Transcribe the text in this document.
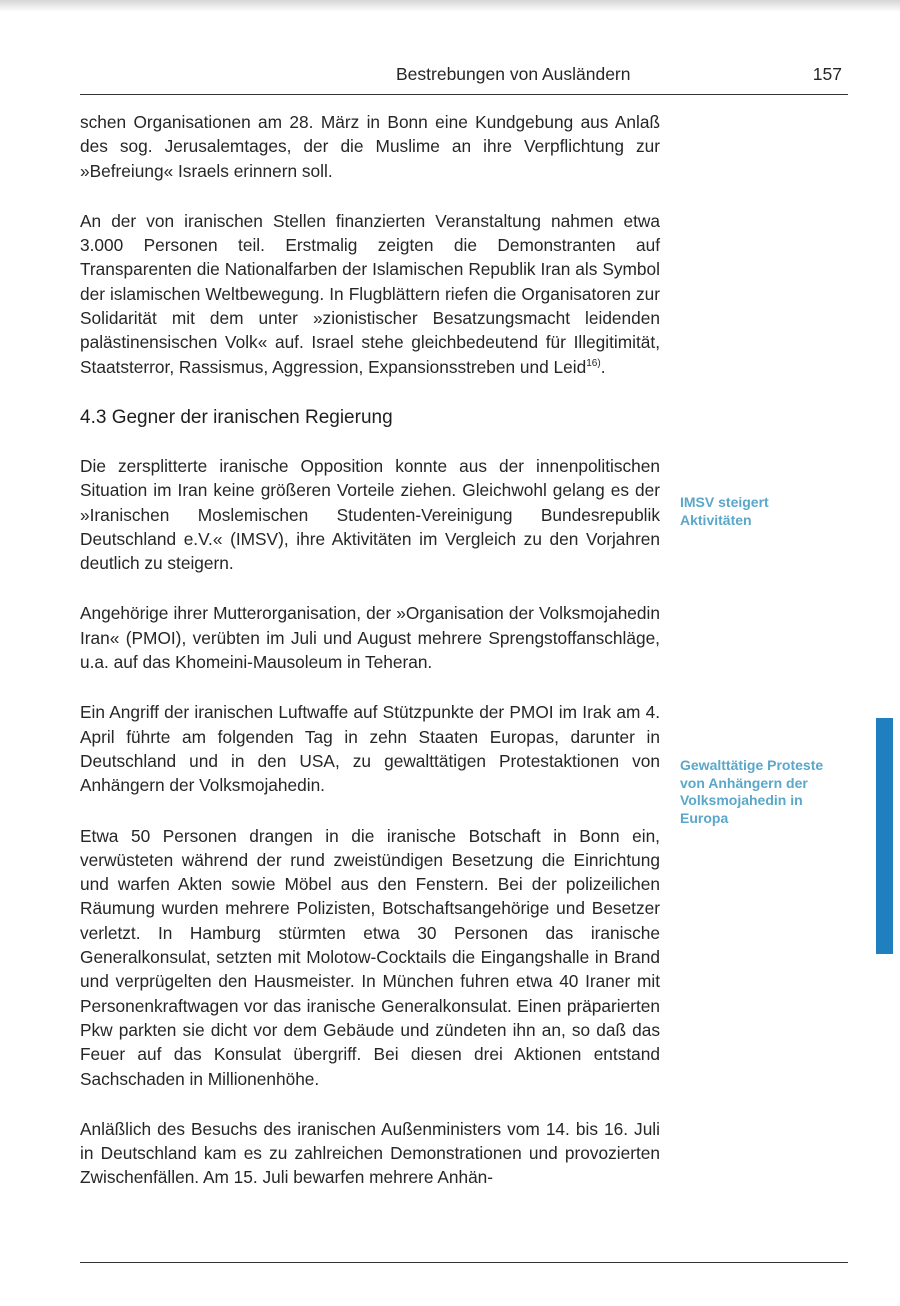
Bestrebungen von Ausländern	157

schen Organisationen am 28. März in Bonn eine Kundgebung aus Anlaß des sog. Jerusalemtages, der die Muslime an ihre Verpflichtung zur »Befreiung« Israels erinnern soll.

An der von iranischen Stellen finanzierten Veranstaltung nahmen etwa 3.000 Personen teil. Erstmalig zeigten die Demonstranten auf Transparenten die Nationalfarben der Islamischen Republik Iran als Symbol der islamischen Weltbewegung. In Flugblättern riefen die Organisatoren zur Solidarität mit dem unter »zionistischer Besatzungsmacht leidenden palästinensischen Volk« auf. Israel stehe gleichbedeutend für Illegitimität, Staatsterror, Rassismus, Aggression, Expansionsstreben und Leid$^{16)}$.

4.3 Gegner der iranischen Regierung

Die zersplitterte iranische Opposition konnte aus der innenpolitischen Situation im Iran keine größeren Vorteile ziehen. Gleichwohl gelang es der »Iranischen Moslemischen Studenten-Vereinigung Bundesrepublik Deutschland e.V.« (IMSV), ihre Aktivitäten im Vergleich zu den Vorjahren deutlich zu steigern.

Angehörige ihrer Mutterorganisation, der »Organisation der Volksmojahedin Iran« (PMOI), verübten im Juli und August mehrere Sprengstoffanschläge, u.a. auf das Khomeini-Mausoleum in Teheran.

Ein Angriff der iranischen Luftwaffe auf Stützpunkte der PMOI im Irak am 4. April führte am folgenden Tag in zehn Staaten Europas, darunter in Deutschland und in den USA, zu gewalttätigen Protestaktionen von Anhängern der Volksmojahedin.

Etwa 50 Personen drangen in die iranische Botschaft in Bonn ein, verwüsteten während der rund zweistündigen Besetzung die Einrichtung und warfen Akten sowie Möbel aus den Fenstern. Bei der polizeilichen Räumung wurden mehrere Polizisten, Botschaftsangehörige und Besetzer verletzt. In Hamburg stürmten etwa 30 Personen das iranische Generalkonsulat, setzten mit Molotow-Cocktails die Eingangshalle in Brand und verprügelten den Hausmeister. In München fuhren etwa 40 Iraner mit Personenkraftwagen vor das iranische Generalkonsulat. Einen präparierten Pkw parkten sie dicht vor dem Gebäude und zündeten ihn an, so daß das Feuer auf das Konsulat übergriff. Bei diesen drei Aktionen entstand Sachschaden in Millionenhöhe.

Anläßlich des Besuchs des iranischen Außenministers vom 14. bis 16. Juli in Deutschland kam es zu zahlreichen Demonstrationen und provozierten Zwischenfällen. Am 15. Juli bewarfen mehrere Anhän-

IMSV steigert Aktivitäten
Gewalttätige Proteste von Anhängern der Volksmojahedin in Europa
